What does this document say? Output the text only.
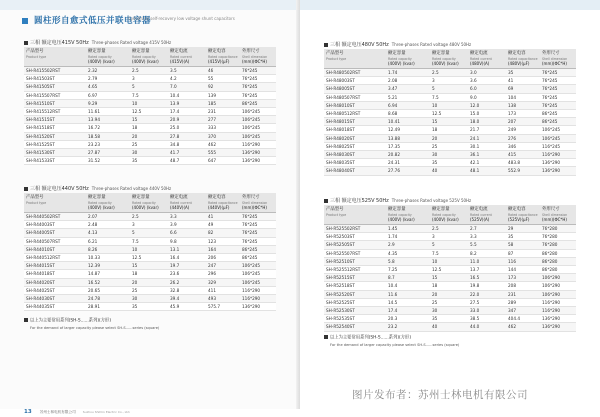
圆柱形自愈式低压并联电容器
Cylindrical self-recovery low voltage shunt capacitors
三相 额定电压415V 50Hz Three-phases Rated voltage 415V 50Hz
产品型号
Product type	额定容量
Rated capacity
(400V) (kvar)	额定容量
Rated capacity
(400V) (kvar)	额定电流
Rated current
(415V)(A)	额定电容
Rated capacitance
(415V)(μF)	外形尺寸
Shell dimension
(mm)(ΦC*H)

SH-R415502RST	2.32	2.5	3.5	46	76*245
SH-R41503ST	2.79	3	4.2	55	76*245
SH-R41505ST	4.65	5	7.0	92	76*245
SH-R415507RST	6.97	7.5	10.4	139	76*245
SH-R41510ST	9.29	10	13.9	185	86*245
SH-R415512RST	11.61	12.5	17.4	231	106*245
SH-R41515ST	13.94	15	20.9	277	106*245
SH-R41518ST	16.72	18	25.0	333	106*245
SH-R41520ST	18.58	20	27.8	370	106*245
SH-R41525ST	23.23	25	34.8	462	116*290
SH-R41530ST	27.87	30	41.7	555	136*290
SH-R41533ST	31.52	35	48.7	647	136*290
三相 额定电压440V 50Hz Three-phases Rated voltage 440V 50Hz
产品型号
Product type	额定容量
Rated capacity
(400V) (kvar)	额定容量
Rated capacity
(400V) (kvar)	额定电流
Rated current
(440V)(A)	额定电容
Rated capacitance
(440V)(μF)	外形尺寸
Shell dimension
(mm)(ΦC*H)

SH-R440502RST	2.07	2.5	3.3	41	76*245
SH-R44003ST	2.48	3	3.9	49	76*245
SH-R44005ST	4.13	5	6.6	82	76*245
SH-R440507RST	6.21	7.5	9.8	123	76*245
SH-R44010ST	8.26	10	13.1	164	86*245
SH-R440512RST	10.33	12.5	16.4	206	86*245
SH-R44015ST	12.39	15	19.7	247	106*245
SH-R44018ST	14.87	18	23.6	296	106*245
SH-R44020ST	16.52	20	26.2	329	106*245
SH-R44025ST	20.65	25	32.8	411	116*290
SH-R44030ST	24.78	30	39.4	493	116*290
SH-R44035ST	28.91	35	45.9	575.7	136*290
以上为主要常用系列(SH-S......系列)(方形)
For the demand of larger capacity please select SH-S......series (square)
13 苏州士林电机有限公司 Suzhou Shihlin Electric Co., Ltd.
三相 额定电压480V 50Hz Three-phases Rated voltage 480V 50Hz
产品型号
Product type	额定容量
Rated capacity
(400V) (kvar)	额定容量
Rated capacity
(400V) (kvar)	额定电流
Rated current
(480V)(A)	额定电容
Rated capacitance
(480V)(μF)	外形尺寸
Shell dimension
(mm)(ΦC*H)

SH-R480502RST	1.74	2.5	3.0	35	76*245
SH-R48003ST	2.08	3	3.6	41	76*245
SH-R48005ST	3.47	5	6.0	69	76*245
SH-R480507RST	5.21	7.5	9.0	104	76*245
SH-R48010ST	6.94	10	12.0	138	76*245
SH-R480512RST	8.68	12.5	15.0	173	86*245
SH-R48015ST	10.41	15	18.0	207	86*245
SH-R48018ST	12.49	18	21.7	249	106*245
SH-R48020ST	13.88	20	24.1	276	106*245
SH-R48025ST	17.35	25	30.1	346	116*245
SH-R48030ST	20.82	30	36.1	415	116*290
SH-R48035ST	24.31	35	42.1	483.8	136*290
SH-R48040ST	27.76	40	48.1	552.9	136*290
三相 额定电压525V 50Hz Three-phases Rated voltage 525V 50Hz
产品型号
Product type	额定容量
Rated capacity
(400V) (kvar)	额定容量
Rated capacity
(400V) (kvar)	额定电流
Rated current
(525V)(A)	额定电容
Rated capacitance
(525V)(μF)	外形尺寸
Shell dimension
(mm)(ΦC*H)

SH-R525502RST	1.45	2.5	2.7	29	76*280
SH-R52503ST	1.74	3	3.3	35	76*280
SH-R52505ST	2.9	5	5.5	58	76*280
SH-R525507RST	4.35	7.5	8.2	87	86*280
SH-R52510ST	5.8	10	11.0	116	86*280
SH-R525512RST	7.25	12.5	13.7	144	86*280
SH-R52515ST	8.7	15	16.5	173	106*290
SH-R52518ST	10.4	18	19.8	208	106*290
SH-R52520ST	11.6	20	22.0	231	106*290
SH-R52525ST	14.5	25	27.5	289	116*290
SH-R52530ST	17.4	30	33.0	347	116*290
SH-R52535ST	20.3	35	38.5	404.4	136*290
SH-R52540ST	23.2	40	44.0	462	136*290
以上为主要常用系列(SH-S......系列)(方形)
For the demand of larger capacity please select SH-S......series (square)
图片发布者：苏州士林电机有限公司
